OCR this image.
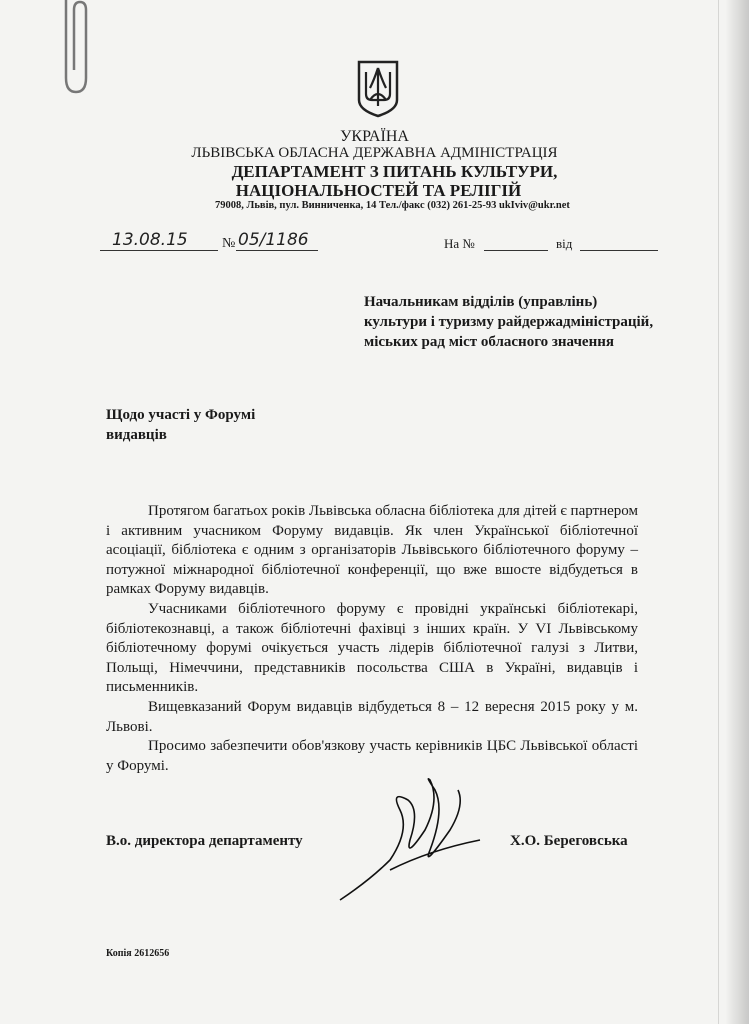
УКРАЇНА
ЛЬВІВСЬКА ОБЛАСНА ДЕРЖАВНА АДМІНІСТРАЦІЯ
ДЕПАРТАМЕНТ З ПИТАНЬ КУЛЬТУРИ,
НАЦІОНАЛЬНОСТЕЙ ТА РЕЛІГІЙ
79008, Львів, пул. Винниченка, 14 Тел./факс (032) 261-25-93 ukIviv@ukr.net
13.08.15 № 05/1186	На №	від
Начальникам відділів (управлінь)
культури і туризму райдержадміністрацій,
міських рад міст обласного значення
Щодо участі у Форумі
видавців

Протягом багатьох років Львівська обласна бібліотека для дітей є партнером і активним учасником Форуму видавців. Як член Української бібліотечної асоціації, бібліотека є одним з організаторів Львівського бібліотечного форуму – потужної міжнародної бібліотечної конференції, що вже вшосте відбудеться в рамках Форуму видавців.

Учасниками бібліотечного форуму є провідні українські бібліотекарі, бібліотекознавці, а також бібліотечні фахівці з інших країн. У VI Львівському бібліотечному форумі очікується участь лідерів бібліотечної галузі з Литви, Польщі, Німеччини, представників посольства США в Україні, видавців і письменників.

Вищевказаний Форум видавців відбудеться 8 – 12 вересня 2015 року у м. Львові.

Просимо забезпечити обов'язкову участь керівників ЦБС Львівської області у Форумі.

В.о. директора департаменту	Х.О. Береговська
Копія 2612656
